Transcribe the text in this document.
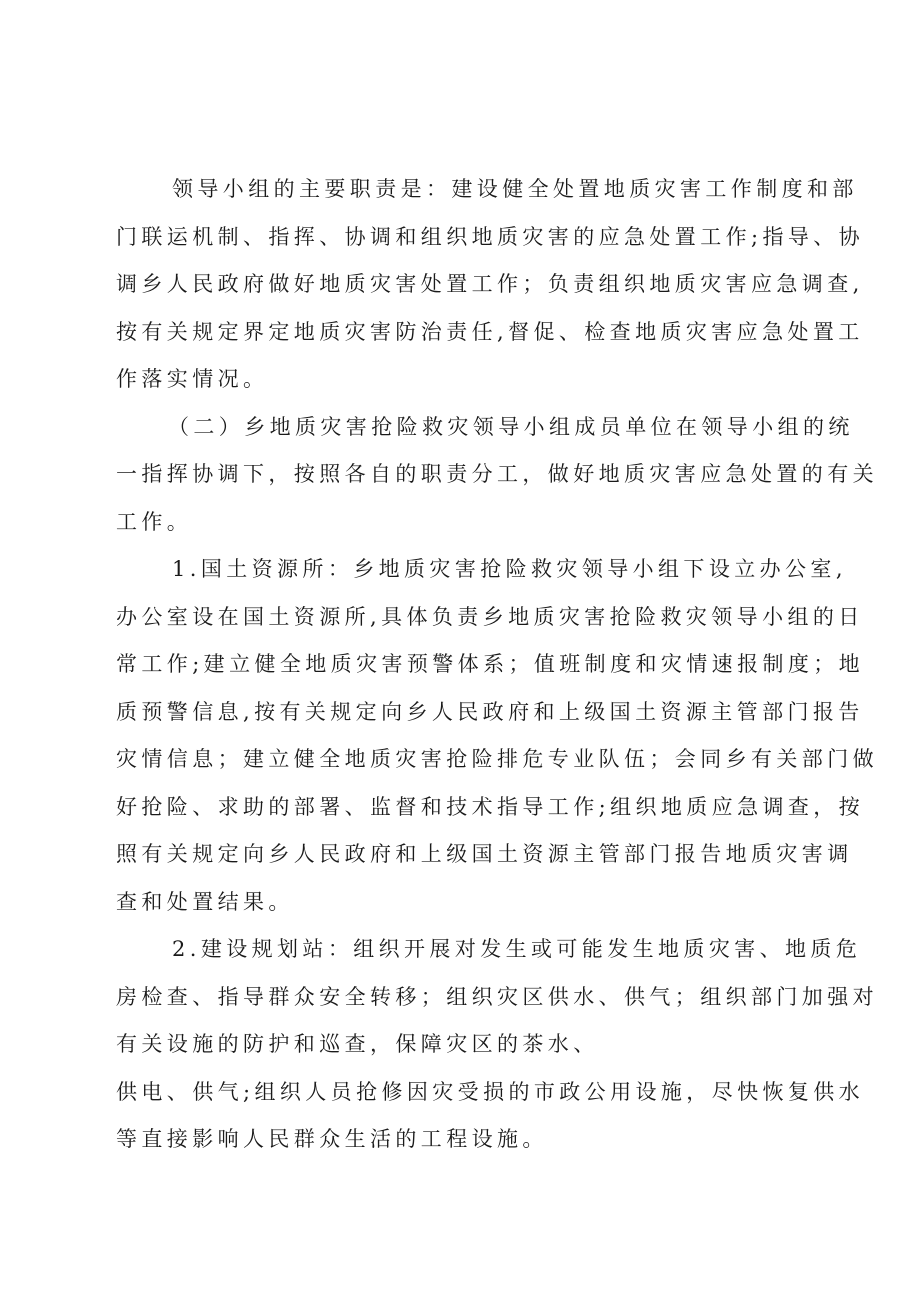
领导小组的主要职责是：建设健全处置地质灾害工作制度和部
门联运机制、指挥、协调和组织地质灾害的应急处置工作;指导、协
调乡人民政府做好地质灾害处置工作；负责组织地质灾害应急调查,
按有关规定界定地质灾害防治责任,督促、检查地质灾害应急处置工
作落实情况。
（二）乡地质灾害抢险救灾领导小组成员单位在领导小组的统
一指挥协调下，按照各自的职责分工，做好地质灾害应急处置的有关
工作。
1.国土资源所：乡地质灾害抢险救灾领导小组下设立办公室,
办公室设在国土资源所,具体负责乡地质灾害抢险救灾领导小组的日
常工作;建立健全地质灾害预警体系；值班制度和灾情速报制度；地
质预警信息,按有关规定向乡人民政府和上级国土资源主管部门报告
灾情信息；建立健全地质灾害抢险排危专业队伍；会同乡有关部门做
好抢险、求助的部署、监督和技术指导工作;组织地质应急调查，按
照有关规定向乡人民政府和上级国土资源主管部门报告地质灾害调
查和处置结果。
2.建设规划站：组织开展对发生或可能发生地质灾害、地质危
房检查、指导群众安全转移；组织灾区供水、供气；组织部门加强对
有关设施的防护和巡查，保障灾区的茶水、
供电、供气;组织人员抢修因灾受损的市政公用设施，尽快恢复供水
等直接影响人民群众生活的工程设施。
